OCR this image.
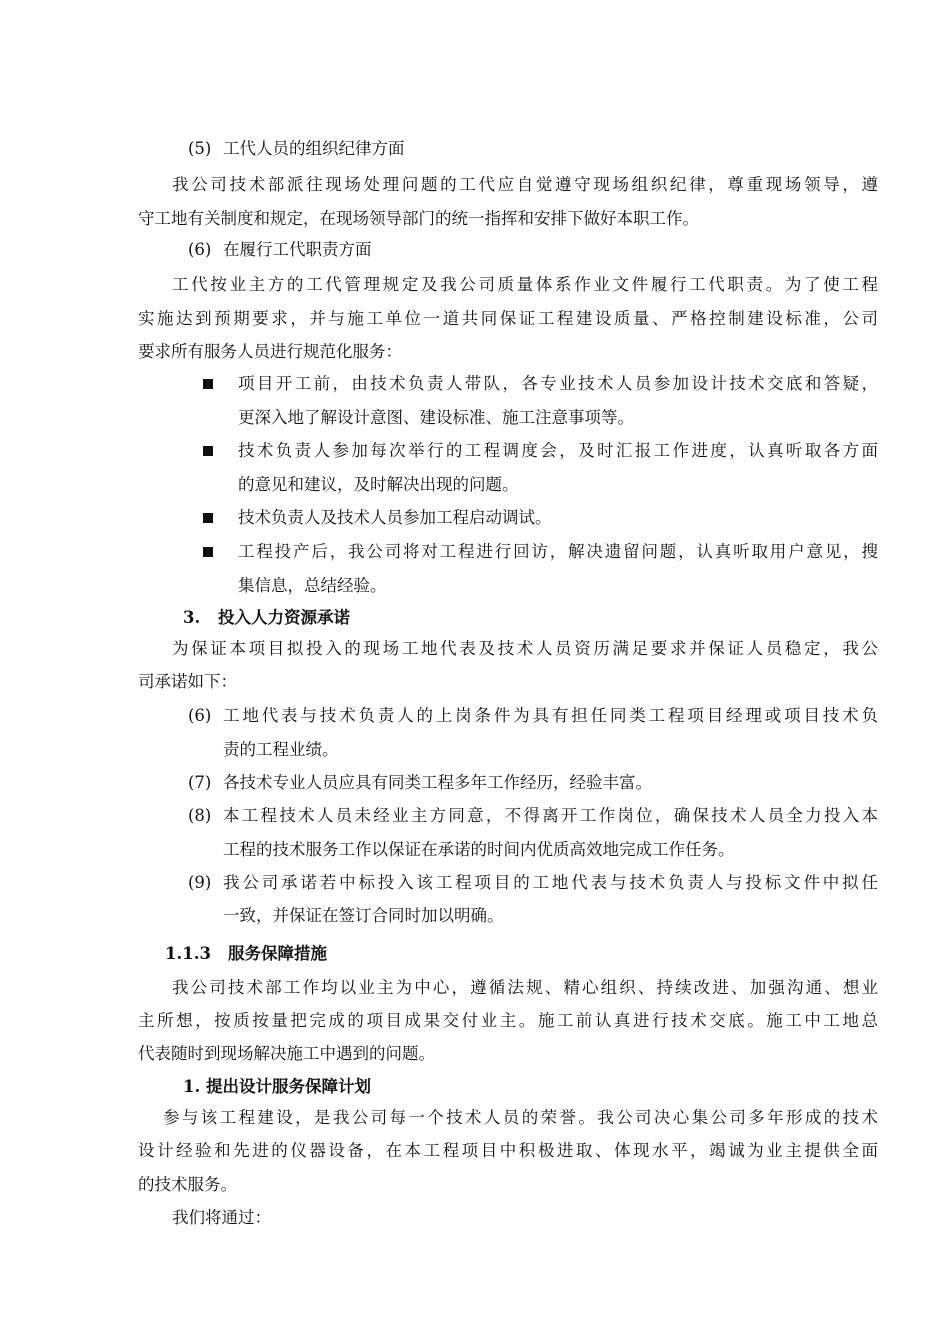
(5) 工代人员的组织纪律方面
我公司技术部派往现场处理问题的工代应自觉遵守现场组织纪律，尊重现场领导，遵
守工地有关制度和规定，在现场领导部门的统一指挥和安排下做好本职工作。
(6) 在履行工代职责方面
工代按业主方的工代管理规定及我公司质量体系作业文件履行工代职责。为了使工程
实施达到预期要求，并与施工单位一道共同保证工程建设质量、严格控制建设标准，公司
要求所有服务人员进行规范化服务：
项目开工前，由技术负责人带队，各专业技术人员参加设计技术交底和答疑，
更深入地了解设计意图、建设标准、施工注意事项等。
技术负责人参加每次举行的工程调度会，及时汇报工作进度，认真听取各方面
的意见和建议，及时解决出现的问题。
技术负责人及技术人员参加工程启动调试。
工程投产后，我公司将对工程进行回访，解决遗留问题，认真听取用户意见，搜
集信息，总结经验。
3. 投入人力资源承诺
为保证本项目拟投入的现场工地代表及技术人员资历满足要求并保证人员稳定，我公
司承诺如下：
(6) 工地代表与技术负责人的上岗条件为具有担任同类工程项目经理或项目技术负
责的工程业绩。
(7) 各技术专业人员应具有同类工程多年工作经历，经验丰富。
(8) 本工程技术人员未经业主方同意，不得离开工作岗位，确保技术人员全力投入本
工程的技术服务工作以保证在承诺的时间内优质高效地完成工作任务。
(9) 我公司承诺若中标投入该工程项目的工地代表与技术负责人与投标文件中拟任
一致，并保证在签订合同时加以明确。
1.1.3 服务保障措施
我公司技术部工作均以业主为中心，遵循法规、精心组织、持续改进、加强沟通、想业
主所想，按质按量把完成的项目成果交付业主。施工前认真进行技术交底。施工中工地总
代表随时到现场解决施工中遇到的问题。
1. 提出设计服务保障计划
参与该工程建设，是我公司每一个技术人员的荣誉。我公司决心集公司多年形成的技术
设计经验和先进的仪器设备，在本工程项目中积极进取、体现水平，竭诚为业主提供全面
的技术服务。
我们将通过：
